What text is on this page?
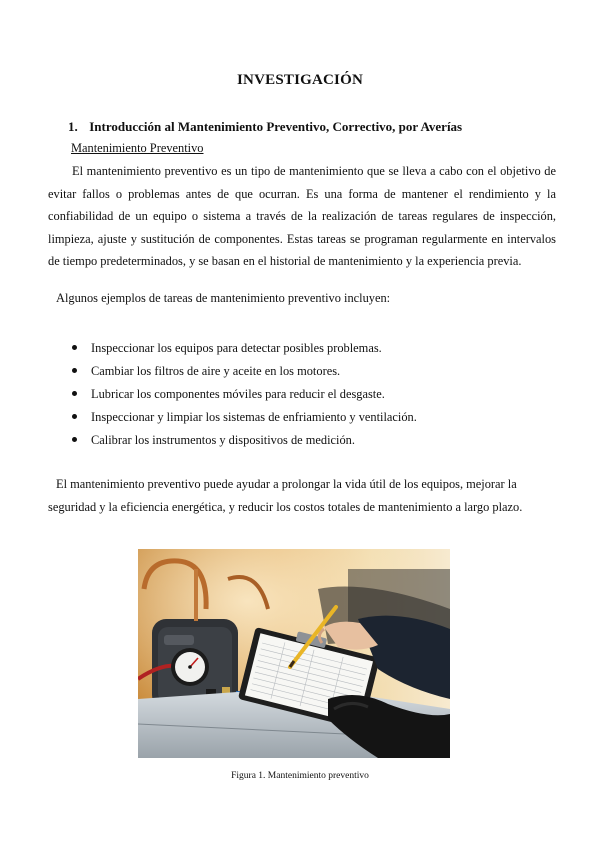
INVESTIGACIÓN
1. Introducción al Mantenimiento Preventivo, Correctivo, por Averías
Mantenimiento Preventivo

El mantenimiento preventivo es un tipo de mantenimiento que se lleva a cabo con el objetivo de evitar fallos o problemas antes de que ocurran. Es una forma de mantener el rendimiento y la confiabilidad de un equipo o sistema a través de la realización de tareas regulares de inspección, limpieza, ajuste y sustitución de componentes. Estas tareas se programan regularmente en intervalos de tiempo predeterminados, y se basan en el historial de mantenimiento y la experiencia previa.

Algunos ejemplos de tareas de mantenimiento preventivo incluyen:

Inspeccionar los equipos para detectar posibles problemas.
Cambiar los filtros de aire y aceite en los motores.
Lubricar los componentes móviles para reducir el desgaste.
Inspeccionar y limpiar los sistemas de enfriamiento y ventilación.
Calibrar los instrumentos y dispositivos de medición.

El mantenimiento preventivo puede ayudar a prolongar la vida útil de los equipos, mejorar la seguridad y la eficiencia energética, y reducir los costos totales de mantenimiento a largo plazo.

Figura 1. Mantenimiento preventivo
